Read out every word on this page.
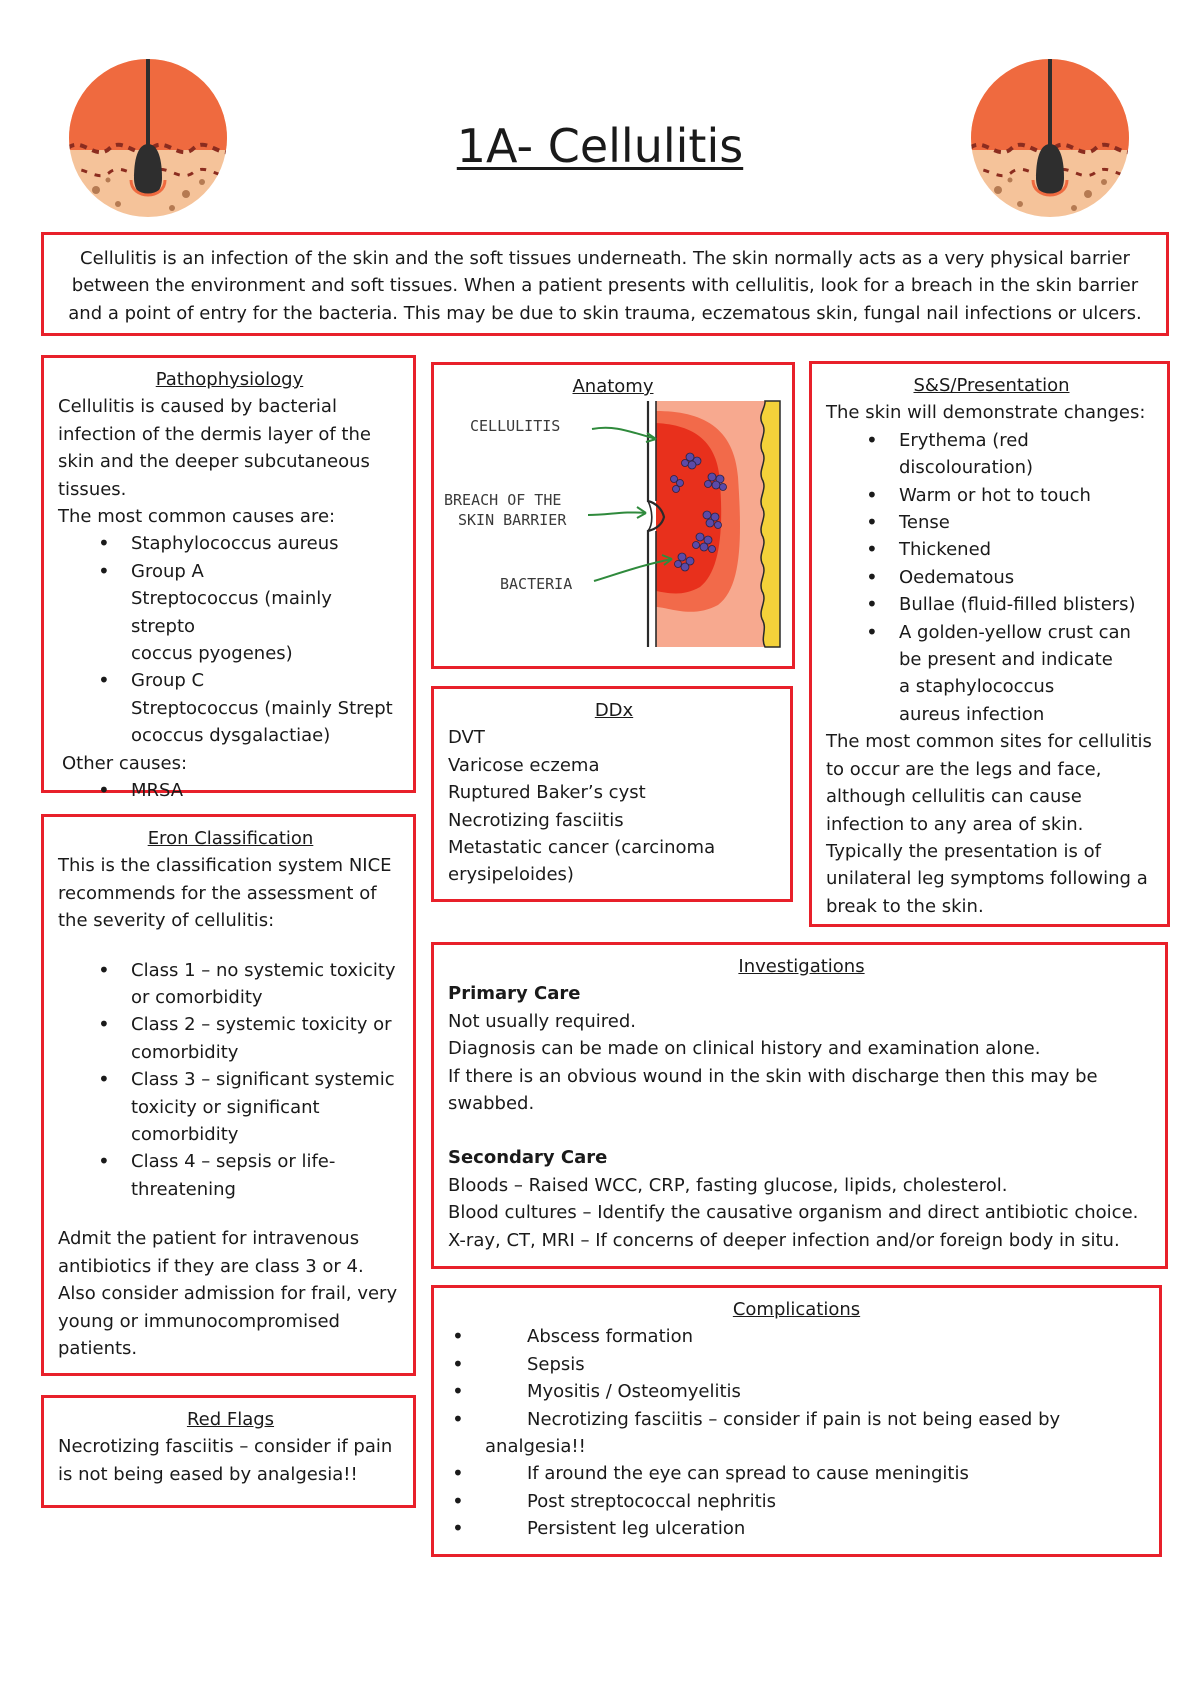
1A- Cellulitis
Cellulitis is an infection of the skin and the soft tissues underneath. The skin normally acts as a very physical barrier
between the environment and soft tissues. When a patient presents with cellulitis, look for a breach in the skin barrier
and a point of entry for the bacteria. This may be due to skin trauma, eczematous skin, fungal nail infections or ulcers.
Pathophysiology
Cellulitis is caused by bacterial
infection of the dermis layer of the
skin and the deeper subcutaneous
tissues.
The most common causes are:
• Staphylococcus aureus
• Group A
Streptococcus (mainly strepto
coccus pyogenes)
• Group C
Streptococcus (mainly Strept
ococcus dysgalactiae)
Other causes:
• MRSA
Anatomy
CELLULITIS
BREACH OF THE
SKIN BARRIER
BACTERIA
S&S/Presentation
The skin will demonstrate changes:
• Erythema (red
discolouration)
• Warm or hot to touch
• Tense
• Thickened
• Oedematous
• Bullae (fluid-filled blisters)
• A golden-yellow crust can
be present and indicate
a staphylococcus
aureus infection
The most common sites for cellulitis
to occur are the legs and face,
although cellulitis can cause
infection to any area of skin.
Typically the presentation is of
unilateral leg symptoms following a
break to the skin.
DDx
DVT
Varicose eczema
Ruptured Baker’s cyst
Necrotizing fasciitis
Metastatic cancer (carcinoma
erysipeloides)
Eron Classification
This is the classification system NICE
recommends for the assessment of
the severity of cellulitis:
• Class 1 – no systemic toxicity
or comorbidity
• Class 2 – systemic toxicity or
comorbidity
• Class 3 – significant systemic
toxicity or significant
comorbidity
• Class 4 – sepsis or life-
threatening
Admit the patient for intravenous
antibiotics if they are class 3 or 4.
Also consider admission for frail, very
young or immunocompromised
patients.
Investigations
Primary Care
Not usually required.
Diagnosis can be made on clinical history and examination alone.
If there is an obvious wound in the skin with discharge then this may be
swabbed.
Secondary Care
Bloods – Raised WCC, CRP, fasting glucose, lipids, cholesterol.
Blood cultures – Identify the causative organism and direct antibiotic choice.
X-ray, CT, MRI – If concerns of deeper infection and/or foreign body in situ.
Red Flags
Necrotizing fasciitis – consider if pain
is not being eased by analgesia!!
Complications
• Abscess formation
• Sepsis
• Myositis / Osteomyelitis
• Necrotizing fasciitis – consider if pain is not being eased by
analgesia!!
• If around the eye can spread to cause meningitis
• Post streptococcal nephritis
• Persistent leg ulceration
